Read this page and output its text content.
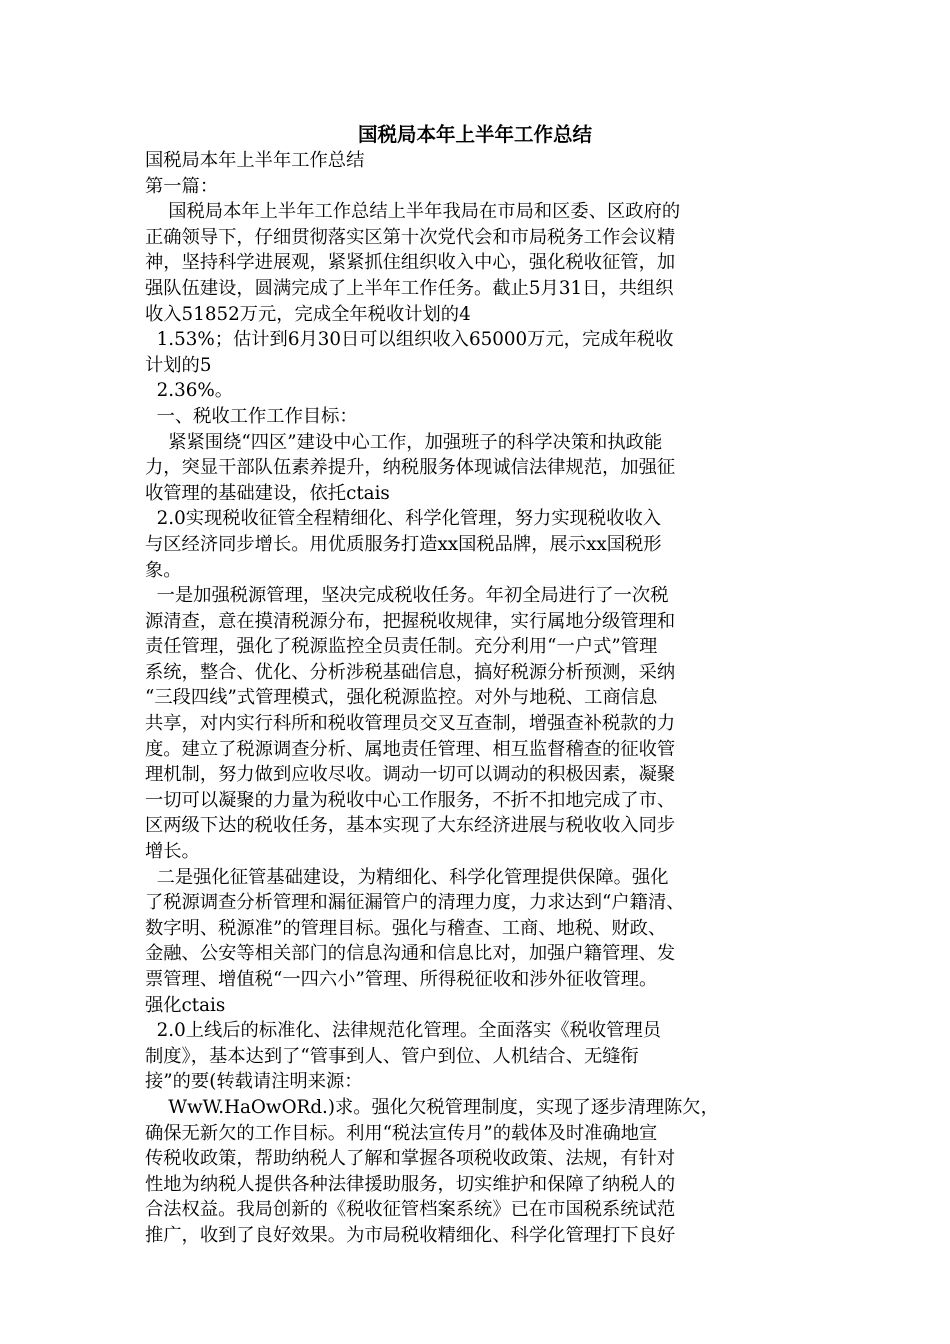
国税局本年上半年工作总结
国税局本年上半年工作总结
第一篇：
国税局本年上半年工作总结上半年我局在市局和区委、区政府的
正确领导下，仔细贯彻落实区第十次党代会和市局税务工作会议精
神，坚持科学进展观，紧紧抓住组织收入中心，强化税收征管，加
强队伍建设，圆满完成了上半年工作任务。截止5月31日，共组织
收入51852万元，完成全年税收计划的4
1.53%；估计到6月30日可以组织收入65000万元，完成年税收
计划的5
2.36%。
一、税收工作工作目标：
紧紧围绕“四区”建设中心工作，加强班子的科学决策和执政能
力，突显干部队伍素养提升，纳税服务体现诚信法律规范，加强征
收管理的基础建设，依托ctais
2.0实现税收征管全程精细化、科学化管理，努力实现税收收入
与区经济同步增长。用优质服务打造xx国税品牌，展示xx国税形
象。
一是加强税源管理，坚决完成税收任务。年初全局进行了一次税
源清查，意在摸清税源分布，把握税收规律，实行属地分级管理和
责任管理，强化了税源监控全员责任制。充分利用“一户式”管理
系统，整合、优化、分析涉税基础信息，搞好税源分析预测，采纳
“三段四线”式管理模式，强化税源监控。对外与地税、工商信息
共享，对内实行科所和税收管理员交叉互查制，增强查补税款的力
度。建立了税源调查分析、属地责任管理、相互监督稽查的征收管
理机制，努力做到应收尽收。调动一切可以调动的积极因素，凝聚
一切可以凝聚的力量为税收中心工作服务，不折不扣地完成了市、
区两级下达的税收任务，基本实现了大东经济进展与税收收入同步
增长。
二是强化征管基础建设，为精细化、科学化管理提供保障。强化
了税源调查分析管理和漏征漏管户的清理力度，力求达到“户籍清、
数字明、税源准”的管理目标。强化与稽查、工商、地税、财政、
金融、公安等相关部门的信息沟通和信息比对，加强户籍管理、发
票管理、增值税“一四六小”管理、所得税征收和涉外征收管理。
强化ctais
2.0上线后的标准化、法律规范化管理。全面落实《税收管理员
制度》，基本达到了“管事到人、管户到位、人机结合、无缝衔
接”的要(转载请注明来源：
WwW.HaOwORd.)求。强化欠税管理制度，实现了逐步清理陈欠，
确保无新欠的工作目标。利用“税法宣传月”的载体及时准确地宣
传税收政策，帮助纳税人了解和掌握各项税收政策、法规，有针对
性地为纳税人提供各种法律援助服务，切实维护和保障了纳税人的
合法权益。我局创新的《税收征管档案系统》已在市国税系统试范
推广，收到了良好效果。为市局税收精细化、科学化管理打下良好
